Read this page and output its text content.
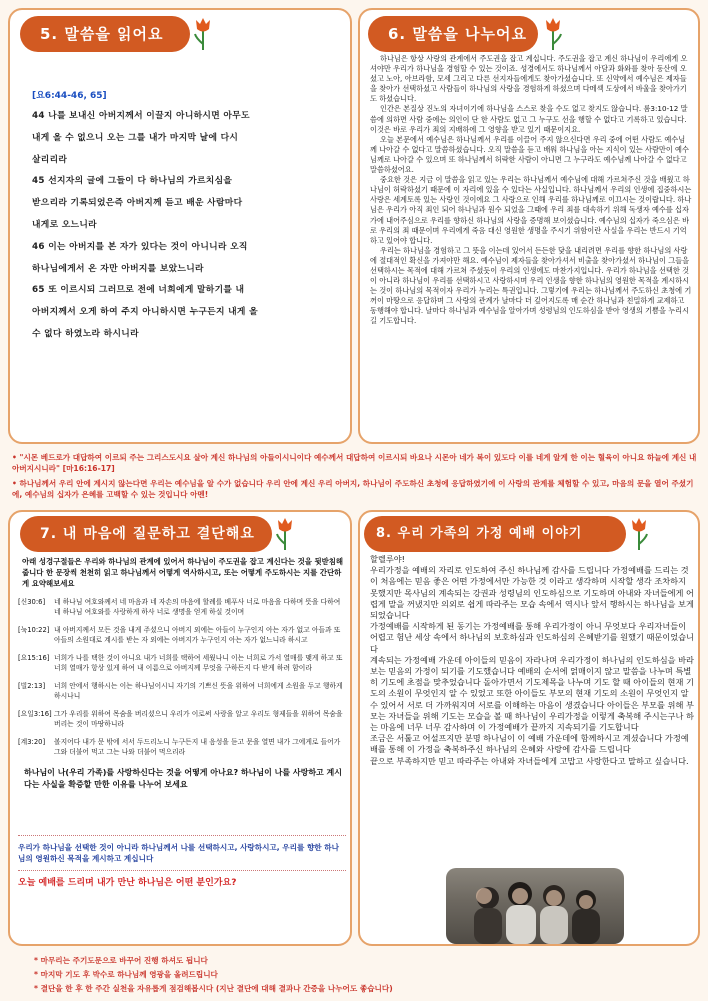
5. 말씀을 읽어요
[요6:44-46, 65]
44 나를 보내신 아버지께서 이끌지 아니하시면 아무도
내게 올 수 없으니 오는 그를 내가 마지막 날에 다시
살리리라
45 선지자의 글에 그들이 다 하나님의 가르치심을
받으리라 기록되었은즉 아버지께 듣고 배운 사람마다
내게로 오느니라
46 이는 아버지를 본 자가 있다는 것이 아니니라 오직
하나님에게서 온 자만 아버지를 보았느니라
65 또 이르시되 그러므로 전에 너희에게 말하기를 내
아버지께서 오게 하여 주지 아니하시면 누구든지 내게 올
수 없다 하였노라 하시니라
6. 말씀을 나누어요

하나님은 항상 사랑의 관계에서 주도권을 잡고 계십니다. 주도권을 잡고 계신 하나님이 우리에게 오셔야만 우리가 하나님을 경험할 수 있는 것이죠. 성경에서도 하나님께서 아담과 화와를 찾아 동산에 오셨고 노아, 아브라함, 모세 그리고 다른 선지자들에게도 찾아가셨습니다. 또 신약에서 예수님은 제자들을 찾아가 선택하셨고 사람들이 하나님의 사랑을 경험하게 하셨으며 다메섹 도상에서 바울을 찾아가기도 하셨습니다.

인간은 본질상 진노의 자녀이기에 하나님을 스스로 찾을 수도 없고 찾지도 않습니다. 롬3:10-12 말씀에 의하면 사람 중에는 의인이 단 한 사람도 없고 그 누구도 선을 행할 수 없다고 기록하고 있습니다. 이것은 바로 우리가 죄의 지배하에 그 영향을 받고 있기 때문이지요.

오늘 본문에서 예수님은 하나님께서 우리를 이끌어 주지 않으신다면 우리 중에 어떤 사람도 예수님께 나아갈 수 없다고 말씀하셨습니다. 오직 말씀을 듣고 배워 하나님을 아는 지식이 있는 사람만이 예수님께로 나아갈 수 있으며 또 하나님께서 허락한 사람이 아니면 그 누구라도 예수님께 나아갈 수 없다고 말씀하셨어요.

중요한 것은 지금 이 말씀을 읽고 있는 우리는 하나님께서 예수님에 대해 가르쳐주신 것을 배웠고 하나님이 허락하셨기 때문에 이 자리에 있을 수 있다는 사실입니다. 하나님께서 우리의 인생에 집중하시는 사랑은 세계토록 있는 사랑인 것이에요 그 사랑으로 인해 우리를 하나님께로 이끄시는 것이랍니다. 하나님은 우리가 아직 죄인 되어 하나님과 원수 되었을 그때에 우리 죄를 대속하기 위해 독생자 예수를 십자가에 내어주심으로 우리를 향하신 하나님의 사랑을 증명해 보이셨습니다. 예수님의 십자가 죽으심은 바로 우리의 죄 때문이며 우리에게 죽음 대신 영원한 생명을 주시기 위함이란 사실을 우리는 반드시 기억하고 있어야 합니다.

우리는 하나님을 경험하고 그 뜻을 이는데 있어서 든든한 닻을 내리려면 우리를 향한 하나님의 사랑에 절대적인 확신을 가져야만 해요. 예수님이 제자들을 찾아가셔서 비출을 찾아가셨서 하나님이 그들을 선택하시는 목적에 대해 가르쳐 주셨듯이 우리의 인생에도 마찬가지입니다. 우리가 하나님을 선택한 것이 아니라 하나님이 우리를 선택하시고 사랑하시며 우리 인생을 향한 하나님의 영원한 목적을 계시하시는 것이 하나님의 목적이자 우리가 누리는 특권입니다. 그렇기에 우리는 하나님께서 주도하신 초청에 기꺼이 마땅으로 응답하며 그 사랑의 관계가 날마다 더 깊어지도록 매 순간 하나님과 친밀하게 교제하고 동행해야 합니다. 날마다 하나님과 예수님을 알아가며 성령님의 인도하심을 받아 영생의 기쁨을 누리시길 기도합니다.

• "시몬 베드로가 대답하여 이르되 주는 그리스도시요 살아 계신 하나님의 아들이시니이다 예수께서 대답하여 이르시되 바요나 시몬아 네가 복이 있도다 이를 네게 알게 한 이는 혈육이 아니요 하늘에 계신 내 아버지시니라" [마16:16-17]
• 하나님께서 우리 안에 계시지 않는다면 우리는 예수님을 알 수가 없습니다 우리 안에 계신 우리 아버지, 하나님이 주도하신 초청에 응답하였기에 이 사랑의 관계를 체험할 수 있고, 마음의 문을 열어 주셨기에, 예수님의 십자가 은혜를 고백할 수 있는 것입니다 아멘!
7. 내 마음에 질문하고 결단해요

아래 성경구절들은 우리와 하나님의 관계에 있어서 하나님이 주도권을 잡고 계신다는 것을 뒷받침해 줍니다 한 문장씩 천천히 읽고 하나님께서 어떻게 역사하시고, 또는 어떻게 주도하시는 지를 간단하게 요약해보세요

[신30:6]	네 하나님 여호와께서 네 마음과 네 자손의 마음에 할례를 베푸사 너로 마음을 다하며 뜻을 다하여 네 하나님 여호와를 사랑하게 하사 너로 생명을 얻게 하실 것이며
[눅10:22] 내 아버지께서 모든 것을 내게 주셨으니 아버지 외에는 아들이 누구인지 아는 자가 없고 아들과 또 아들의 소원대로 계시를 받는 자 외에는 아버지가 누구인지 아는 자가 없느니라 하시고
[요15:16] 너희가 나를 택한 것이 아니요 내가 너희를 택하여 세웠나니 이는 너희로 가서 열매를 맺게 하고 또 너희 열매가 항상 있게 하여 내 이름으로 아버지께 무엇을 구하든지 다 받게 하려 함이라
[빌2:13]	너희 안에서 행하시는 이는 하나님이시니 자기의 기쁘신 뜻을 위하여 너희에게 소원을 두고 행하게 하시나니
[요일3:16] 그가 우리를 위하여 목숨을 버리셨으니 우리가 이로써 사랑을 알고 우리도 형제들을 위하여 목숨을 버리는 것이 마땅하니라
[계3:20]	볼지어다 내가 문 밖에 서서 두드리노니 누구든지 내 음성을 듣고 문을 열면 내가 그에게로 들어가 그와 더불어 먹고 그는 나와 더불어 먹으리라

하나님이 나(우리 가족)를 사랑하신다는 것을 어떻게 아나요? 하나님이 나를 사랑하고 계시다는 사실을 확증할 만한 이유를 나누어 보세요

우리가 하나님을 선택한 것이 아니라 하나님께서 나를 선택하시고, 사랑하시고, 우리를 향한 하나님의 영원하신 목적을 계시하고 계십니다

오늘 예배를 드리며 내가 만난 하나님은 어떤 분인가요?

8. 우리 가족의 가정 예배 이야기

할렐루야!

우리가정을 예배의 자리로 인도하여 주신 하나님께 감사를 드립니다 가정예배를 드리는 것이 처음에는 믿음 좋은 어떤 가정에서만 가능한 것 이라고 생각하며 시작할 생각 조차하지 못했지만 목사님의 계속되는 강권과 성령님의 인도하심으로 기도하며 아내와 자녀들에게 어렵게 말을 꺼냈지만 의외로 쉽게 따라주는 모습 속에서 역시나 앞서 행하시는 하나님을 보게 되었습니다

가정예배를 시작하게 된 동기는 가정예배를 통해 우리가정이 아니 무엇보다 우리자녀들이 어렵고 험난 세상 속에서 하나님의 보호하심과 인도하심의 은혜받기를 원했기 때문이었습니다

계속되는 가정예배 가운데 아이들의 믿음이 자라나며 우리가정이 하나님의 인도하심을 바라보는 믿음의 가정이 되기를 기도했습니다 예배의 순서에 얽매이지 않고 말씀을 나누며 특별히 기도에 초점을 맞추었습니다 돌아가면서 기도제목을 나누며 기도 할 때 아이들의 현재 기도의 소원이 무엇인지 알 수 있었고 또한 아이들도 부모의 현재 기도의 소원이 무엇인지 알 수 있어서 서로 더 가까워지며 서로를 이해하는 마음이 생겼습니다 아이들은 부모를 위해 부모는 자녀들을 위해 기도는 모습을 볼 때 하나님이 우리가정을 이렇게 축복해 주시는구나 하는 마음에 너무 너무 감사하며 이 가정예배가 끝까지 지속되기를 기도합니다

조금은 서툴고 어설프지만 분명 하나님이 이 예배 가운데에 함께하시고 계셨습니다 가정예배를 통해 이 가정을 축복하주신 하나님의 은혜와 사랑에 감사를 드립니다

끝으로 부족하지만 믿고 따라주는 아내와 자녀들에게 고맙고 사랑한다고 말하고 싶습니다.

* 마무리는 주기도문으로 바꾸어 진행 하셔도 됩니다
* 마지막 기도 후 박수로 하나님께 영광을 올려드립니다
* 결단을 한 후 한 주간 실천을 자유롭게 점검해봅시다 (지난 결단에 대해 결과나 간증을 나누어도 좋습니다)
